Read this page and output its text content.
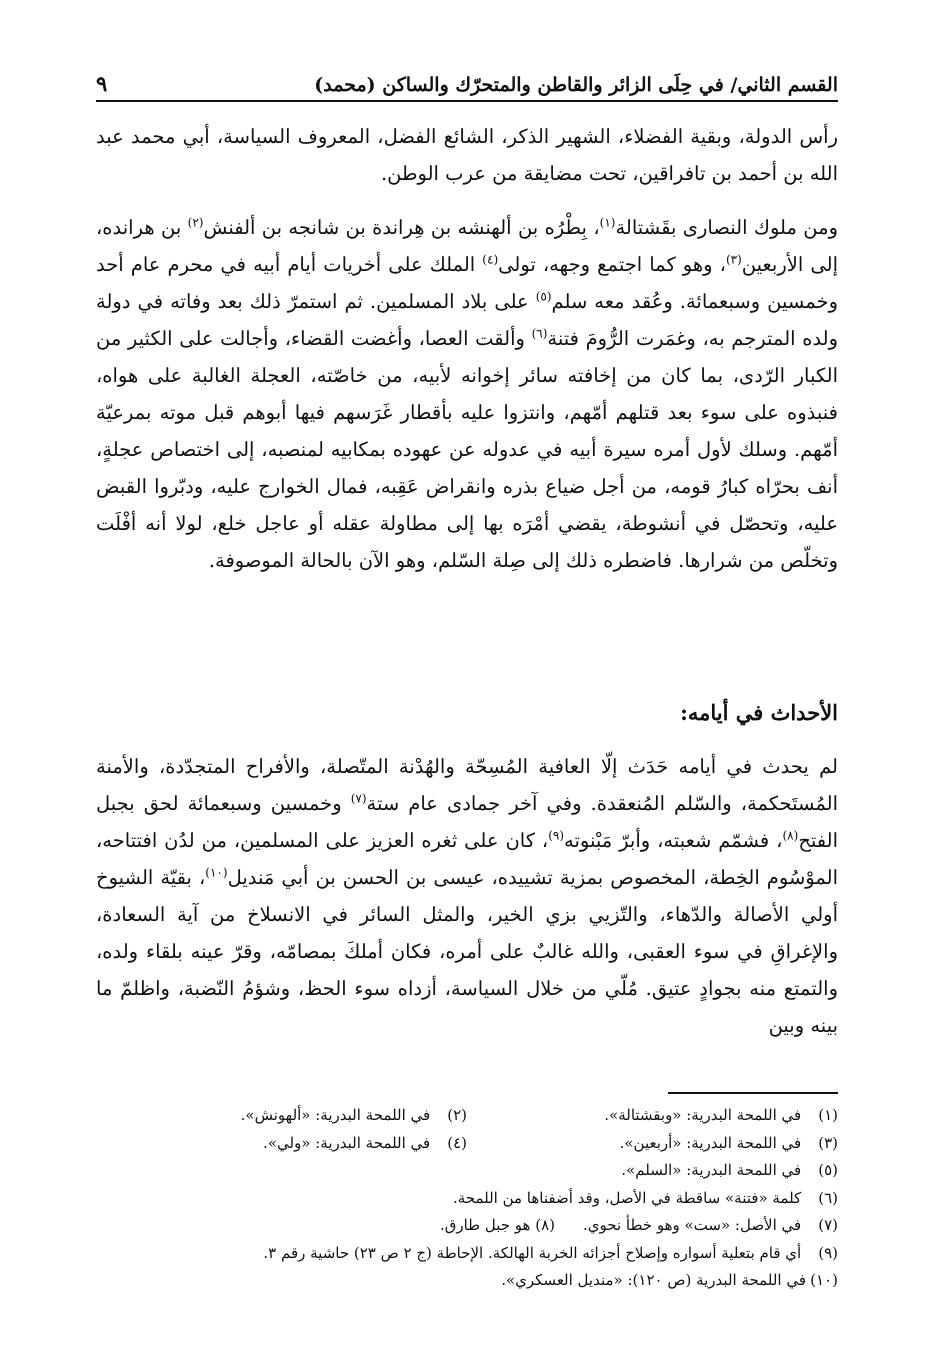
القسم الثاني/ في حِلَى الزائر والقاطن والمتحرّك والساكن (محمد)
٩

رأس الدولة، وبقية الفضلاء، الشهير الذكر، الشائع الفضل، المعروف السياسة، أبي محمد عبد الله بن أحمد بن تافراقين، تحت مضايقة من عرب الوطن.

ومن ملوك النصارى بقَشتالة$^{(١)}$، بِطْرُه بن ألهنشه بن هِراندة بن شانجه بن ألفنش$^{(٢)}$ بن هرانده، إلى الأربعين$^{(٣)}$، وهو كما اجتمع وجهه، تولى$^{(٤)}$ الملك على أخريات أيام أبيه في محرم عام أحد وخمسين وسبعمائة. وعُقد معه سلم$^{(٥)}$ على بلاد المسلمين. ثم استمرّ ذلك بعد وفاته في دولة ولده المترجم به، وغمَرت الرُّومَ فتنة$^{(٦)}$ وألقت العصا، وأغضت القضاء، وأجالت على الكثير من الكبار الرّدى، بما كان من إخافته سائر إخوانه لأبيه، من خاصّته، العجلة الغالبة على هواه، فنبذوه على سوء بعد قتلهم أمّهم، وانتزوا عليه بأقطار غَرَسهم فيها أبوهم قبل موته بمرعيّة أمّهم. وسلك لأول أمره سيرة أبيه في عدوله عن عهوده بمكابيه لمنصبه، إلى اختصاص عجلةٍ، أنف بحرّاه كبارُ قومه، من أجل ضياع بذره وانقراض عَقِبه، فمال الخوارج عليه، ودبّروا القبض عليه، وتحصّل في أنشوطة، يقضي أمْرَه بها إلى مطاولة عقله أو عاجل خلع، لولا أنه أفْلَت وتخلّص من شرارها. فاضطره ذلك إلى صِلة السّلم، وهو الآن بالحالة الموصوفة.

الأحداث في أيامه:

لم يحدث في أيامه حَدَث إلّا العافية المُسِحّة والهُدْنة المتّصلة، والأفراح المتجدّدة، والأمنة المُستَحكمة، والسّلم المُنعقدة. وفي آخر جمادى عام ستة$^{(٧)}$ وخمسين وسبعمائة لحق بجبل الفتح$^{(٨)}$، فشمّم شعبته، وأبرّ مَبْنوته$^{(٩)}$، كان على ثغره العزيز على المسلمين، من لدُن افتتاحه، الموْسُوم الخِطة، المخصوص بمزية تشييده، عيسى بن الحسن بن أبي مَنديل$^{(١٠)}$، بقيّة الشيوخ أولي الأصالة والدّهاء، والتّزيي بزي الخير، والمثل السائر في الانسلاخ من آية السعادة، والإغراقِ في سوء العقبى، والله غالبٌ على أمره، فكان أملكَ بمصامّه، وقرّ عينه بلقاء ولده، والتمتع منه بجوادٍ عتيق. مُلّي من خلال السياسة، أزداه سوء الحظ، وشؤمُ النّضبة، واظلمّ ما بينه وبين

(١) في اللمحة البدرية: «وبقشتالة».
(٢) في اللمحة البدرية: «ألهونش».
(٣) في اللمحة البدرية: «أربعين».
(٤) في اللمحة البدرية: «ولي».
(٥) في اللمحة البدرية: «السلم».
(٦) كلمة «فتنة» ساقطة في الأصل، وقد أضفناها من اللمحة.
(٧) في الأصل: «ست» وهو خطأ نحوي.(٨) هو جبل طارق.
(٩) أي قام بتعلية أسواره وإصلاح أجزائه الخربة الهالكة. الإحاطة (ج ٢ ص ٢٣) حاشية رقم ٣.
(١٠)في اللمحة البدرية (ص ١٢٠): «منديل العسكري».
